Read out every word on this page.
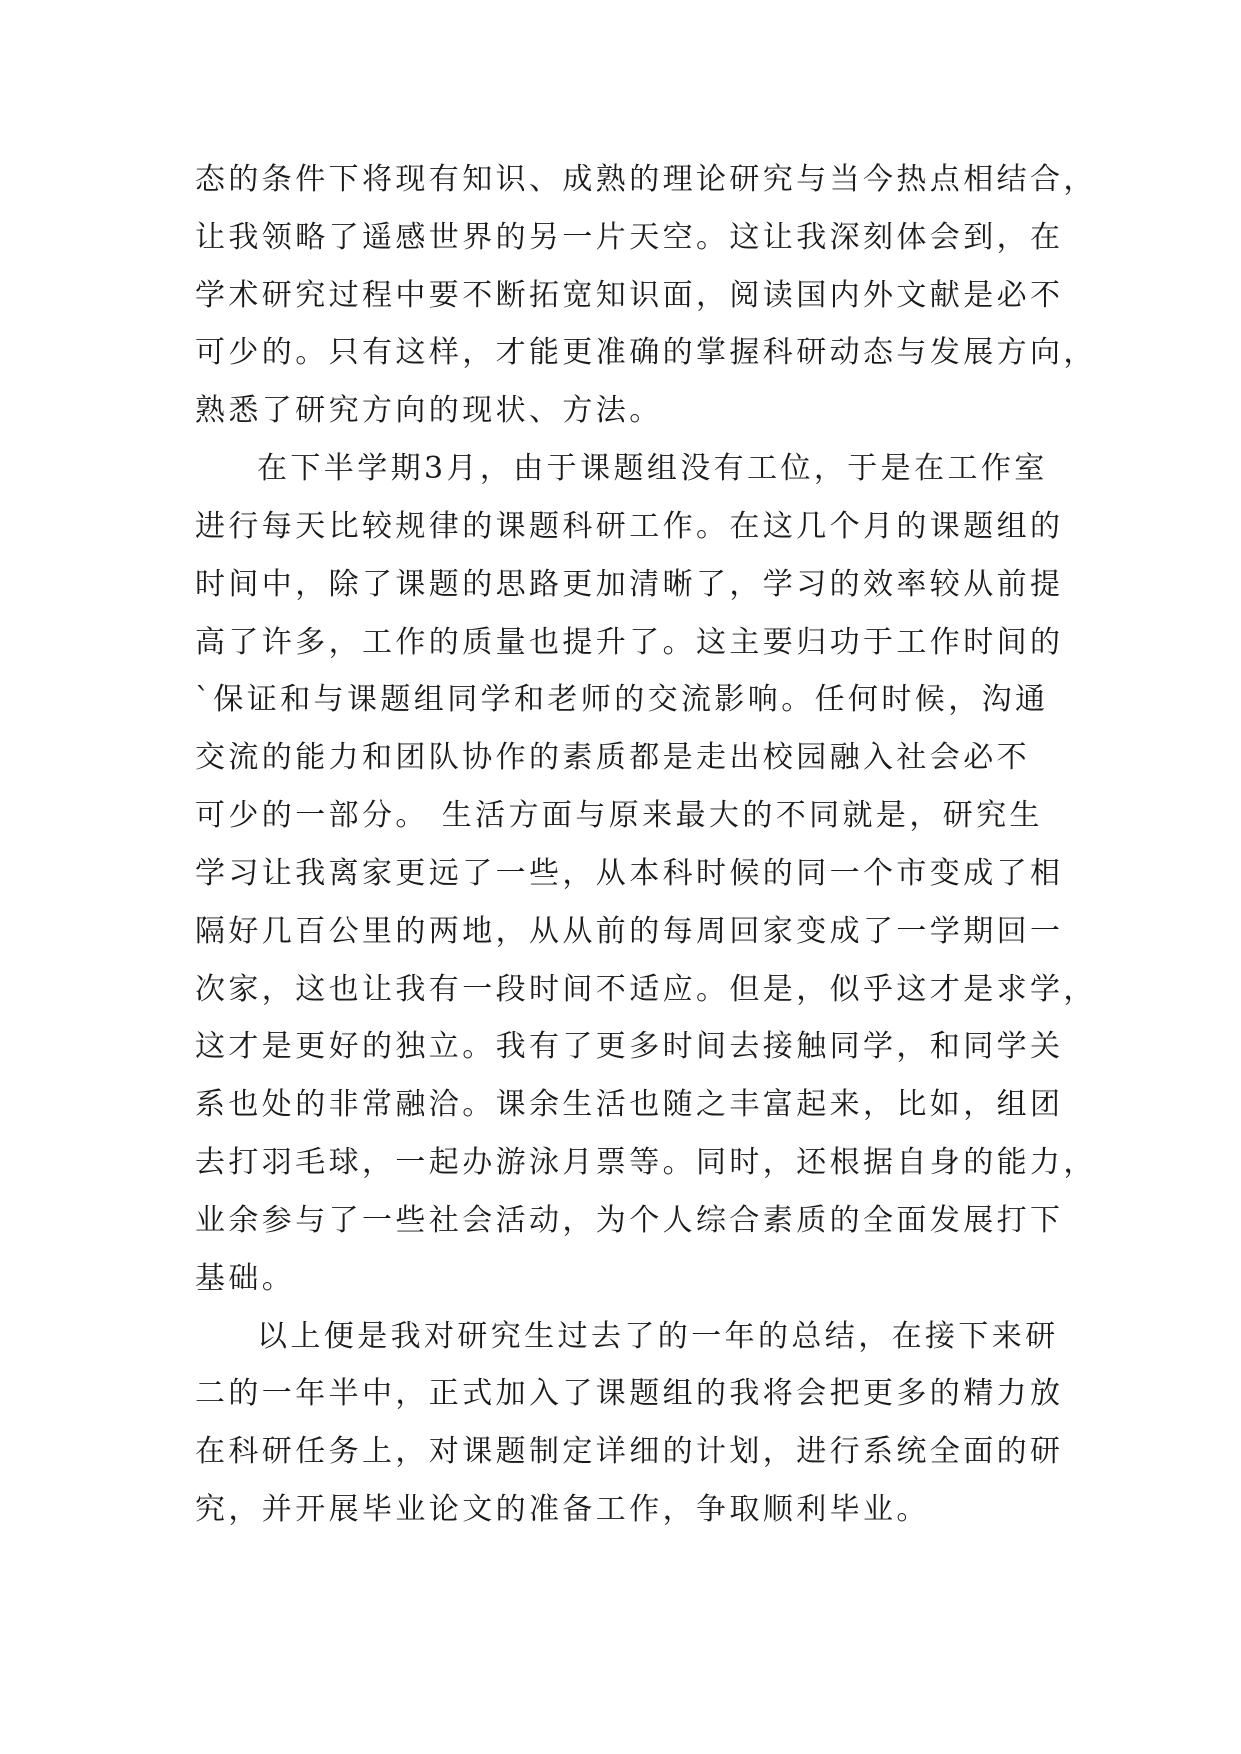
态的条件下将现有知识、成熟的理论研究与当今热点相结合，
让我领略了遥感世界的另一片天空。这让我深刻体会到，在
学术研究过程中要不断拓宽知识面，阅读国内外文献是必不
可少的。只有这样，才能更准确的掌握科研动态与发展方向，
熟悉了研究方向的现状、方法。
在下半学期3月，由于课题组没有工位，于是在工作室
进行每天比较规律的课题科研工作。在这几个月的课题组的
时间中，除了课题的思路更加清晰了，学习的效率较从前提
高了许多，工作的质量也提升了。这主要归功于工作时间的
`保证和与课题组同学和老师的交流影响。任何时候，沟通
交流的能力和团队协作的素质都是走出校园融入社会必不
可少的一部分。 生活方面与原来最大的不同就是，研究生
学习让我离家更远了一些，从本科时候的同一个市变成了相
隔好几百公里的两地，从从前的每周回家变成了一学期回一
次家，这也让我有一段时间不适应。但是，似乎这才是求学，
这才是更好的独立。我有了更多时间去接触同学，和同学关
系也处的非常融洽。课余生活也随之丰富起来，比如，组团
去打羽毛球，一起办游泳月票等。同时，还根据自身的能力，
业余参与了一些社会活动，为个人综合素质的全面发展打下
基础。
以上便是我对研究生过去了的一年的总结，在接下来研
二的一年半中，正式加入了课题组的我将会把更多的精力放
在科研任务上，对课题制定详细的计划，进行系统全面的研
究，并开展毕业论文的准备工作，争取顺利毕业。
